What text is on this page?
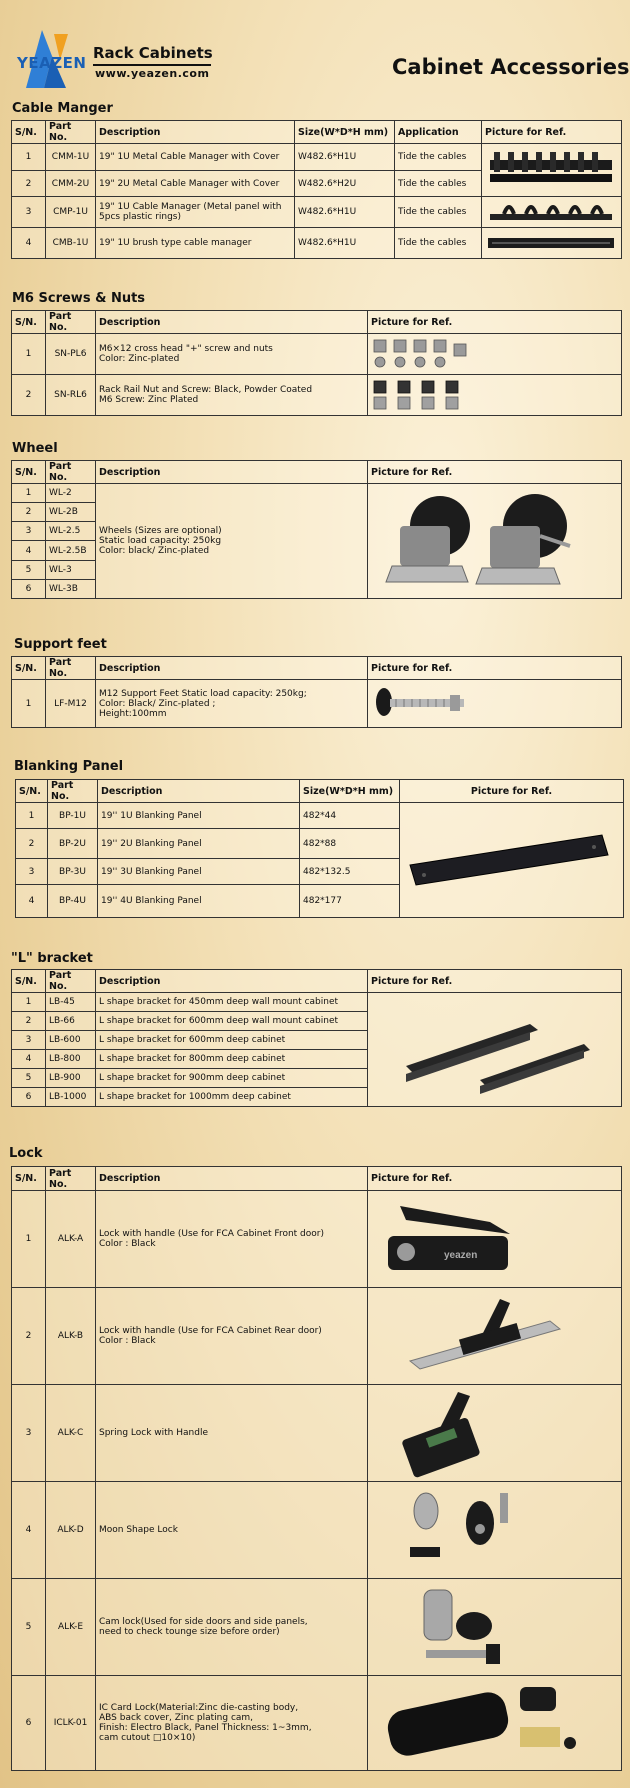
YEAZEN
Rack Cabinets
www.yeazen.com	Cabinet Accessories
Cable Manger
S/N.	Part No.	Description	Size(W*D*H mm)	Application	Picture for Ref.
1	CMM-1U	19" 1U Metal Cable Manager with Cover	W482.6*H1U	Tide the cables	

2	CMM-2U	19" 2U Metal Cable Manager with Cover	W482.6*H2U	Tide the cables	
3	CMP-1U	19" 1U Cable Manager (Metal panel with 5pcs plastic rings)	W482.6*H1U	Tide the cables	

4	CMB-1U	19" 1U brush type cable manager	W482.6*H1U	Tide the cables	
M6 Screws & Nuts
S/N.	Part No.	Description	Picture for Ref.
1	SN-PL6	M6×12 cross head "+" screw and nuts
Color: Zinc-plated

2	SN-RL6	Rack Rail Nut and Screw: Black, Powder Coated
M6 Screw: Zinc Plated

Wheel
S/N.	Part No.	Description	Picture for Ref.
1	WL-2	Wheels (Sizes are optional)
Static load capacity: 250kg
Color: black/ Zinc-plated

2	WL-2B		
3	WL-2.5		
4	WL-2.5B		
5	WL-3		
6	WL-3B		
Support feet
S/N.	Part No.	Description	Picture for Ref.
1	LF-M12	M12 Support Feet Static load capacity: 250kg;
Color: Black/ Zinc-plated ;
Height:100mm

Blanking Panel
S/N.	Part No.	Description	Size(W*D*H mm)	Picture for Ref.
1	BP-1U	19'' 1U Blanking Panel	482*44	

2	BP-2U	19'' 2U Blanking Panel	482*88	
3	BP-3U	19'' 3U Blanking Panel	482*132.5	
4	BP-4U	19'' 4U Blanking Panel	482*177	
"L" bracket
S/N.	Part No.	Description	Picture for Ref.
1	LB-45	L shape bracket for 450mm deep wall mount cabinet	

2	LB-66	L shape bracket for 600mm deep wall mount cabinet	
3	LB-600	L shape bracket for 600mm deep cabinet	
4	LB-800	L shape bracket for 800mm deep cabinet	
5	LB-900	L shape bracket for 900mm deep cabinet	
6	LB-1000	L shape bracket for 1000mm deep cabinet	
Lock
S/N.	Part No.	Description	Picture for Ref.
1	ALK-A	Lock with handle (Use for FCA Cabinet Front door)
Color : Black	yeazen

2	ALK-B	Lock with handle (Use for FCA Cabinet Rear door)
Color : Black

3	ALK-C	Spring Lock with Handle

4	ALK-D	Moon Shape Lock

5	ALK-E	Cam lock(Used for side doors and side panels,
need to check tounge size before order)

6	ICLK-01	IC Card Lock(Material:Zinc die-casting body,
ABS back cover, Zinc plating cam,
Finish: Electro Black, Panel Thickness: 1~3mm,
cam cutout □10×10)
